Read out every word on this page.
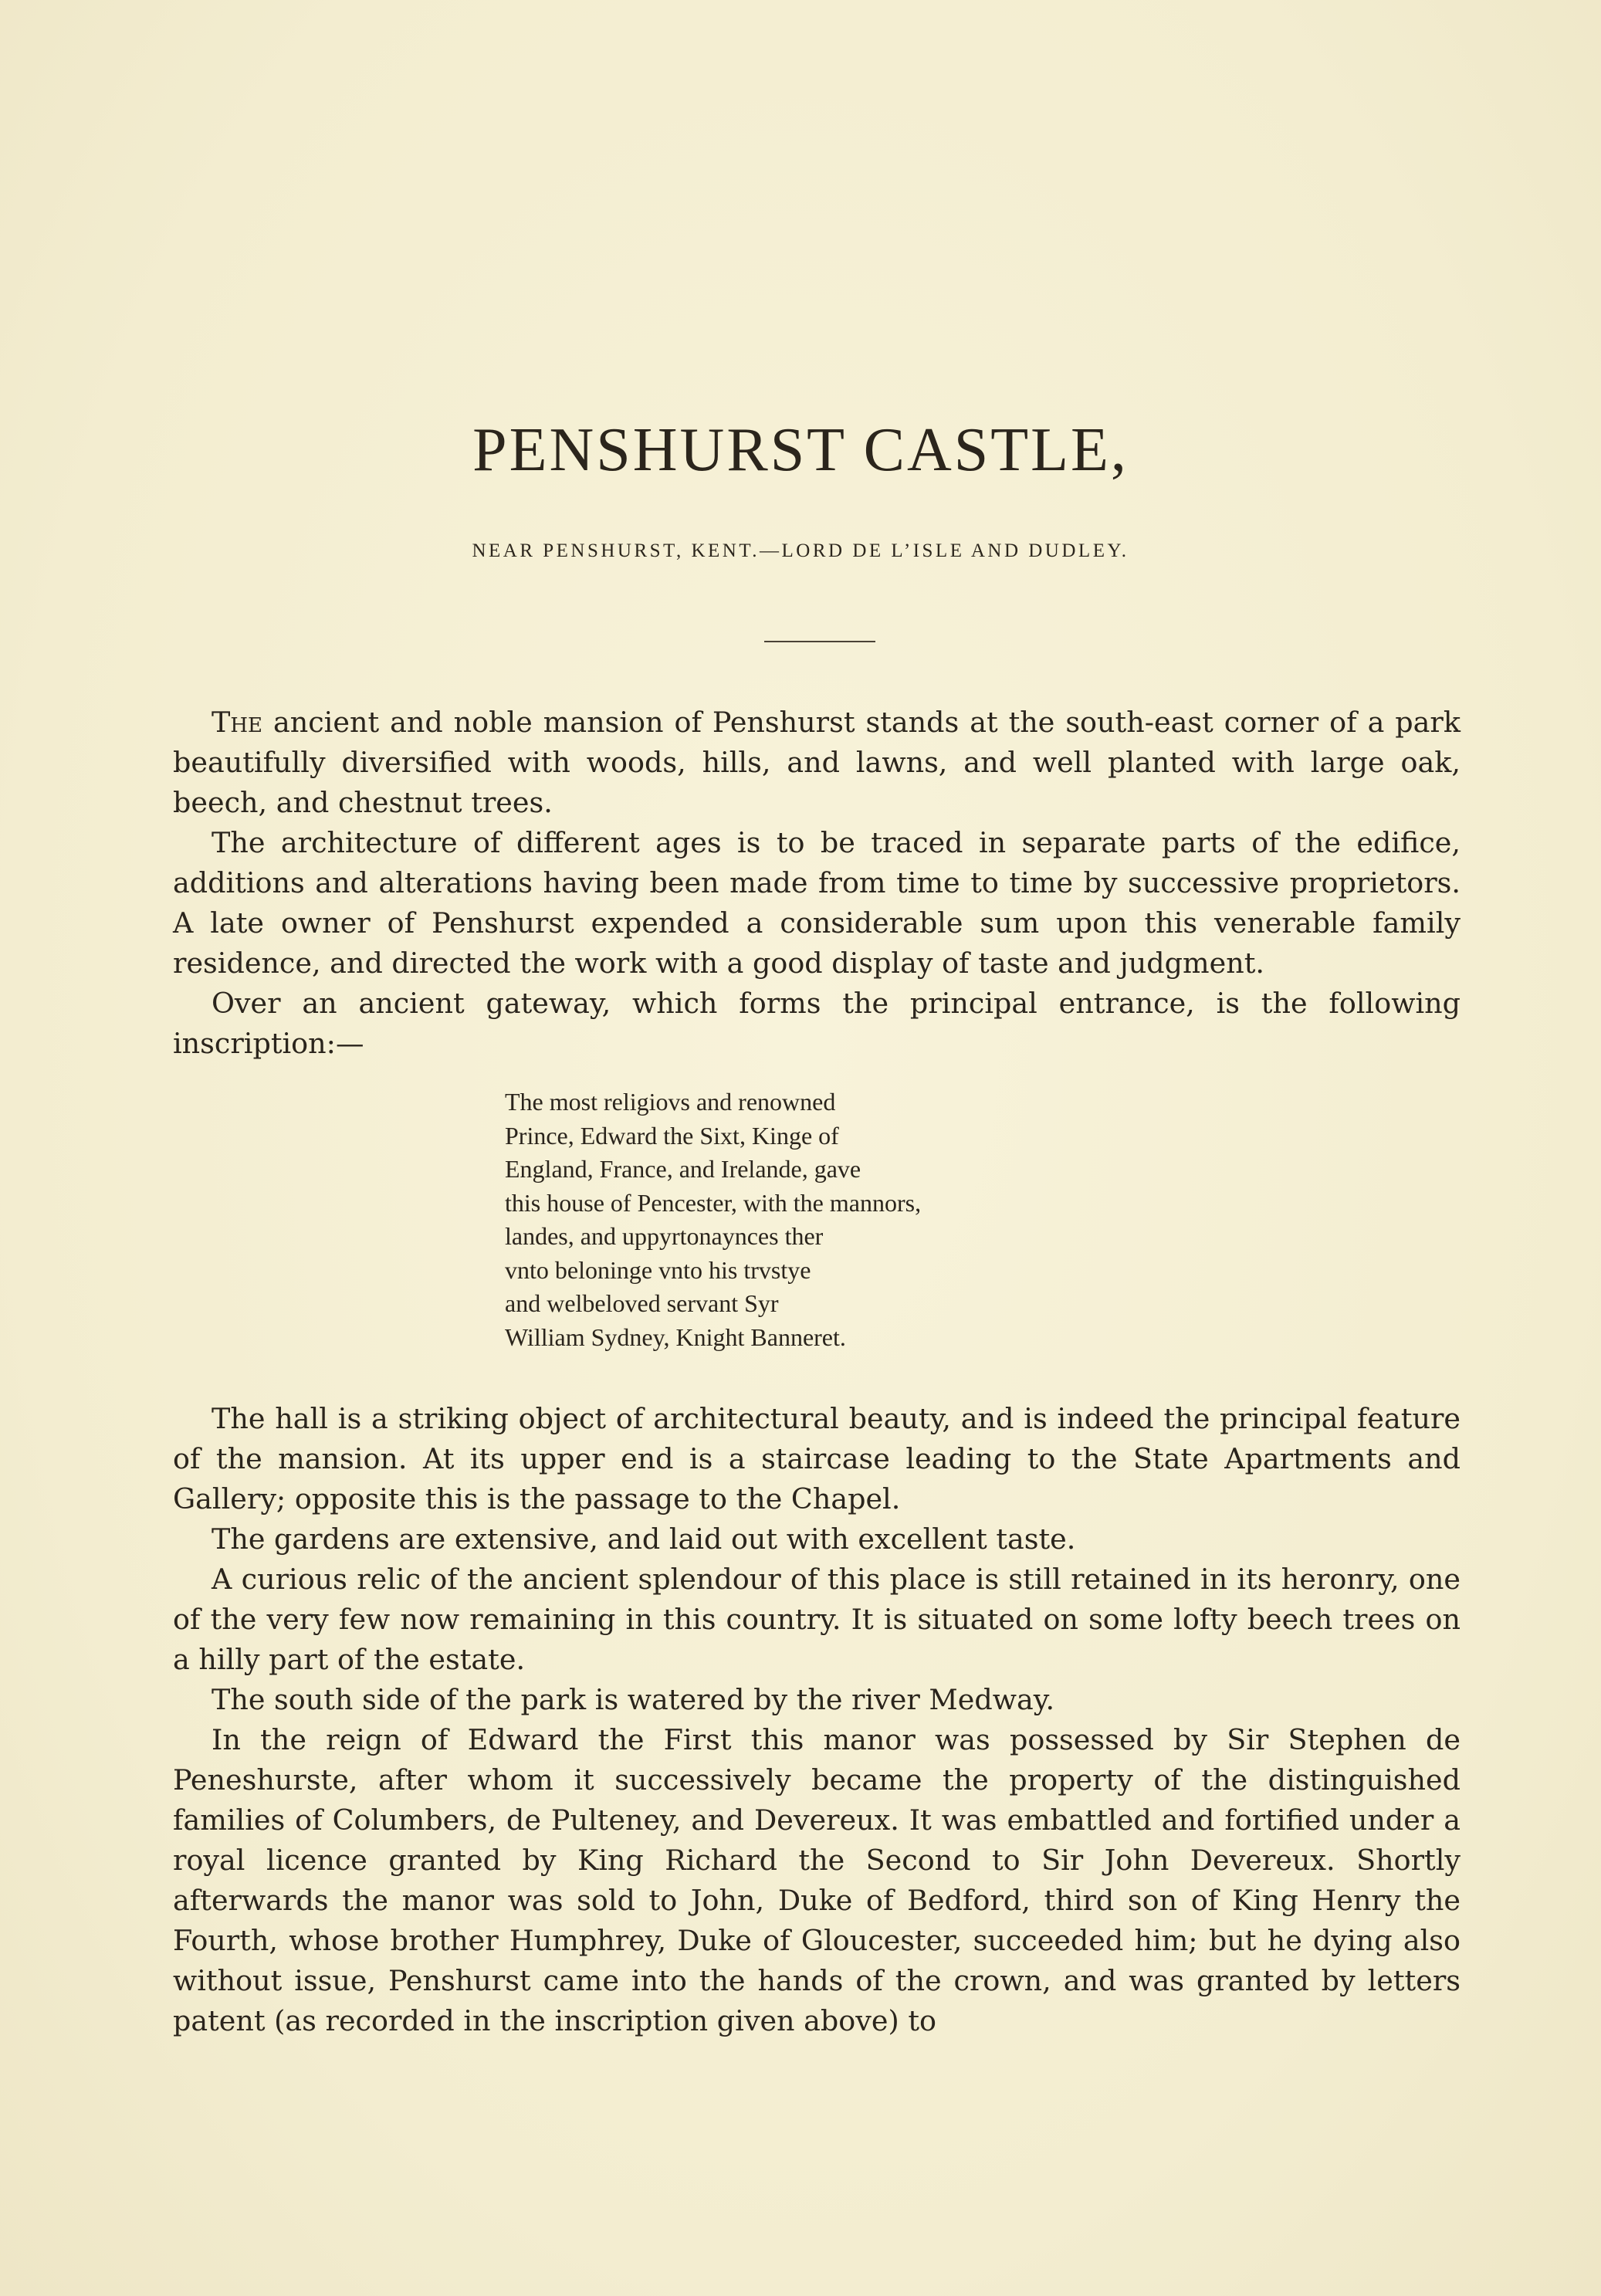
PENSHURST CASTLE,
NEAR PENSHURST, KENT.—LORD DE L’ISLE AND DUDLEY.

The ancient and noble mansion of Penshurst stands at the south-east corner of a park beautifully diversified with woods, hills, and lawns, and well planted with large oak, beech, and chestnut trees.

The architecture of different ages is to be traced in separate parts of the edifice, additions and alterations having been made from time to time by successive proprietors. A late owner of Penshurst expended a considerable sum upon this venerable family residence, and directed the work with a good display of taste and judgment.

Over an ancient gateway, which forms the principal entrance, is the following inscription:—

The most religiovs and renowned
Prince, Edward the Sixt, Kinge of
England, France, and Irelande, gave
this house of Pencester, with the mannors,
landes, and uppyrtonaynces ther
vnto beloninge vnto his trvstye
and welbeloved servant Syr
William Sydney, Knight Banneret.

The hall is a striking object of architectural beauty, and is indeed the principal feature of the mansion. At its upper end is a staircase leading to the State Apartments and Gallery; opposite this is the passage to the Chapel.

The gardens are extensive, and laid out with excellent taste.

A curious relic of the ancient splendour of this place is still retained in its heronry, one of the very few now remaining in this country. It is situated on some lofty beech trees on a hilly part of the estate.

The south side of the park is watered by the river Medway.

In the reign of Edward the First this manor was possessed by Sir Stephen de Peneshurste, after whom it successively became the property of the distinguished families of Columbers, de Pulteney, and Devereux. It was embattled and fortified under a royal licence granted by King Richard the Second to Sir John Devereux. Shortly afterwards the manor was sold to John, Duke of Bedford, third son of King Henry the Fourth, whose brother Humphrey, Duke of Gloucester, succeeded him; but he dying also without issue, Penshurst came into the hands of the crown, and was granted by letters patent (as recorded in the inscription given above) to
